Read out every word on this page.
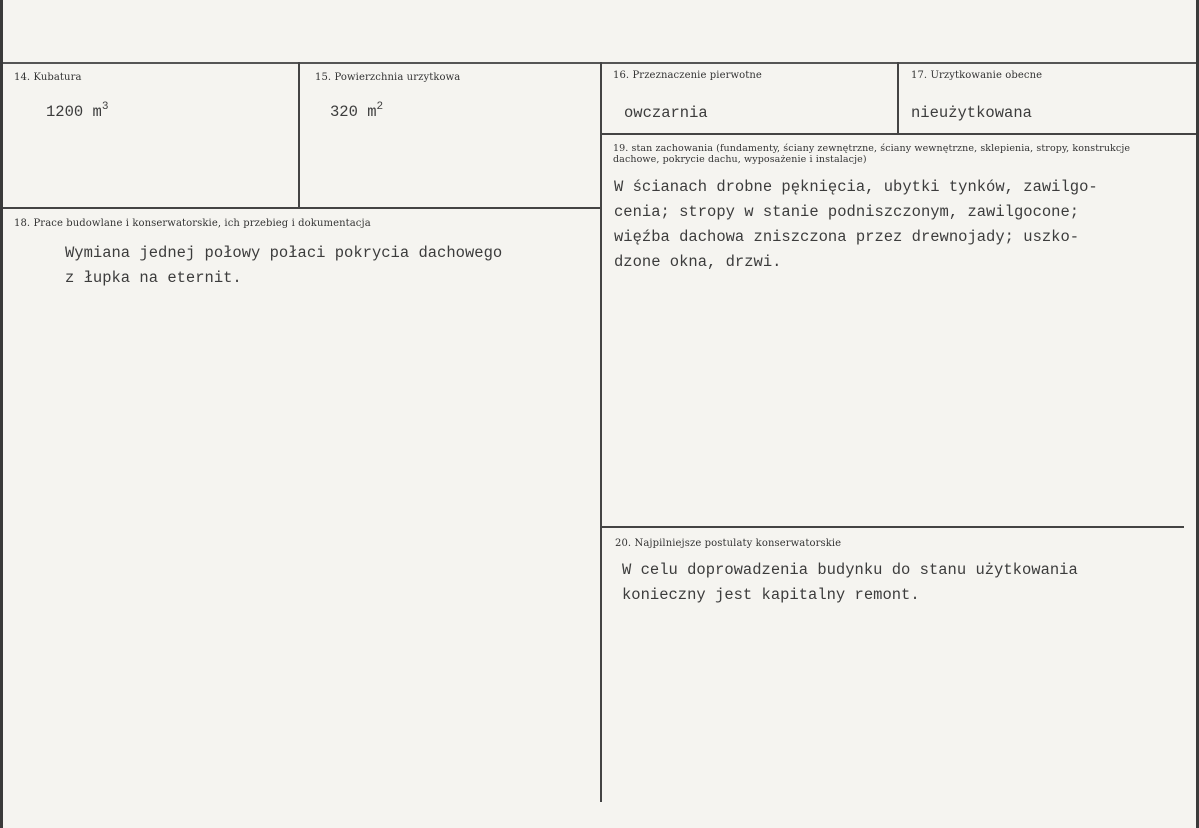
14. Kubatura
1200 $m^3$
15. Powierzchnia urzytkowa
320 $m^2$
16. Przeznaczenie pierwotne
owczarnia
17. Urzytkowanie obecne
nieużytkowana
18. Prace budowlane i konserwatorskie, ich przebieg i dokumentacja
Wymiana jednej połowy połaci pokrycia dachowego
z łupka na eternit.
19. stan zachowania (fundamenty, ściany zewnętrzne, ściany wewnętrzne, sklepienia, stropy, konstrukcje dachowe, pokrycie dachu, wyposażenie i instalacje)
W ścianach drobne pęknięcia, ubytki tynków, zawilgo-
cenia; stropy w stanie podniszczonym, zawilgocone;
więźba dachowa zniszczona przez drewnojady; uszko-
dzone okna, drzwi.
20. Najpilniejsze postulaty konserwatorskie
W celu doprowadzenia budynku do stanu użytkowania
konieczny jest kapitalny remont.
